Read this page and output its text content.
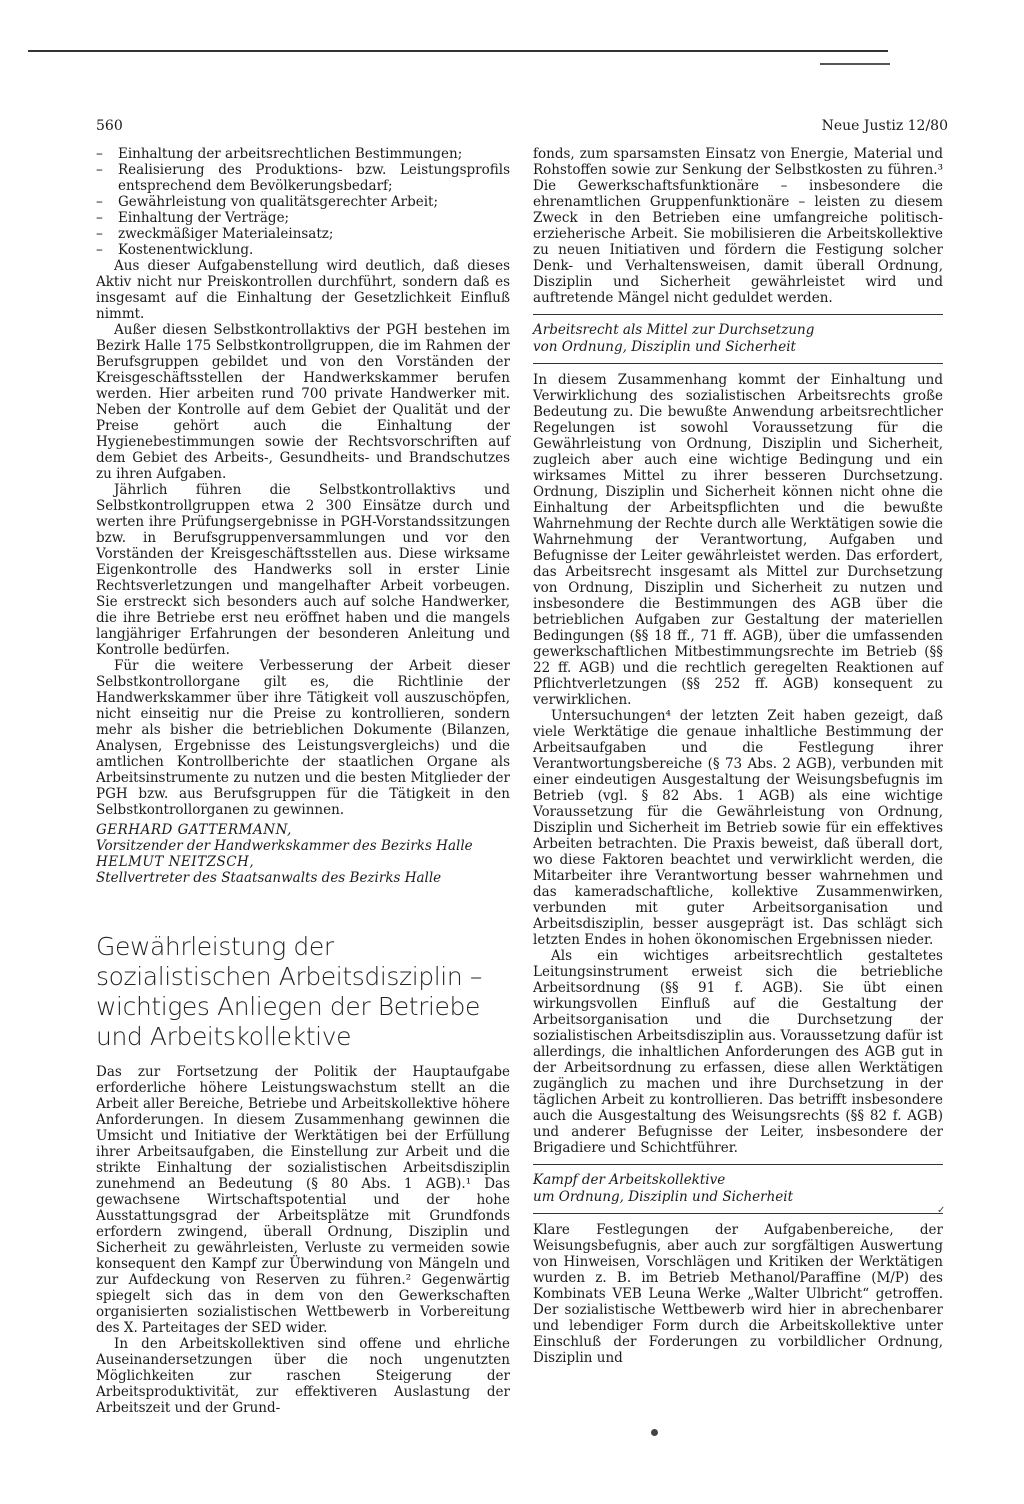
560	Neue Justiz 12/80

– Einhaltung der arbeitsrechtlichen Bestimmungen;

– Realisierung des Produktions- bzw. Leistungsprofils entsprechend dem Bevölkerungsbedarf;

– Gewährleistung von qualitätsgerechter Arbeit;

– Einhaltung der Verträge;

– zweckmäßiger Materialeinsatz;

– Kostenentwicklung.

Aus dieser Aufgabenstellung wird deutlich, daß dieses Aktiv nicht nur Preiskontrollen durchführt, sondern daß es insgesamt auf die Einhaltung der Gesetzlichkeit Einfluß nimmt.

Außer diesen Selbstkontrollaktivs der PGH bestehen im Bezirk Halle 175 Selbstkontrollgruppen, die im Rahmen der Berufsgruppen gebildet und von den Vorständen der Kreisgeschäftsstellen der Handwerkskammer berufen werden. Hier arbeiten rund 700 private Handwerker mit. Neben der Kontrolle auf dem Gebiet der Qualität und der Preise gehört auch die Einhaltung der Hygienebestimmungen sowie der Rechtsvorschriften auf dem Gebiet des Arbeits-, Gesundheits- und Brandschutzes zu ihren Aufgaben.

Jährlich führen die Selbstkontrollaktivs und Selbstkontrollgruppen etwa 2 300 Einsätze durch und werten ihre Prüfungsergebnisse in PGH-Vorstandssitzungen bzw. in Berufsgruppenversammlungen und vor den Vorständen der Kreisgeschäftsstellen aus. Diese wirksame Eigenkontrolle des Handwerks soll in erster Linie Rechtsverletzungen und mangelhafter Arbeit vorbeugen. Sie erstreckt sich besonders auch auf solche Handwerker, die ihre Betriebe erst neu eröffnet haben und die mangels langjähriger Erfahrungen der besonderen Anleitung und Kontrolle bedürfen.

Für die weitere Verbesserung der Arbeit dieser Selbstkontrollorgane gilt es, die Richtlinie der Handwerkskammer über ihre Tätigkeit voll auszuschöpfen, nicht einseitig nur die Preise zu kontrollieren, sondern mehr als bisher die betrieblichen Dokumente (Bilanzen, Analysen, Ergebnisse des Leistungsvergleichs) und die amtlichen Kontrollberichte der staatlichen Organe als Arbeitsinstrumente zu nutzen und die besten Mitglieder der PGH bzw. aus Berufsgruppen für die Tätigkeit in den Selbstkontrollorganen zu gewinnen.

GERHARD GATTERMANN,

Vorsitzender der Handwerkskammer des Bezirks Halle

HELMUT NEITZSCH,

Stellvertreter des Staatsanwalts des Bezirks Halle

Gewährleistung der sozialistischen Arbeitsdisziplin – wichtiges Anliegen der Betriebe und Arbeitskollektive

Das zur Fortsetzung der Politik der Hauptaufgabe erforderliche höhere Leistungswachstum stellt an die Arbeit aller Bereiche, Betriebe und Arbeitskollektive höhere Anforderungen. In diesem Zusammenhang gewinnen die Umsicht und Initiative der Werktätigen bei der Erfüllung ihrer Arbeitsaufgaben, die Einstellung zur Arbeit und die strikte Einhaltung der sozialistischen Arbeitsdisziplin zunehmend an Bedeutung (§ 80 Abs. 1 AGB).¹ Das gewachsene Wirtschaftspotential und der hohe Ausstattungsgrad der Arbeitsplätze mit Grundfonds erfordern zwingend, überall Ordnung, Disziplin und Sicherheit zu gewährleisten, Verluste zu vermeiden sowie konsequent den Kampf zur Überwindung von Mängeln und zur Aufdeckung von Reserven zu führen.² Gegenwärtig spiegelt sich das in dem von den Gewerkschaften organisierten sozialistischen Wettbewerb in Vorbereitung des X. Parteitages der SED wider.

In den Arbeitskollektiven sind offene und ehrliche Auseinandersetzungen über die noch ungenutzten Möglichkeiten zur raschen Steigerung der Arbeitsproduktivität, zur effektiveren Auslastung der Arbeitszeit und der Grund-

fonds, zum sparsamsten Einsatz von Energie, Material und Rohstoffen sowie zur Senkung der Selbstkosten zu führen.³ Die Gewerkschaftsfunktionäre – insbesondere die ehrenamtlichen Gruppenfunktionäre – leisten zu diesem Zweck in den Betrieben eine umfangreiche politisch-erzieherische Arbeit. Sie mobilisieren die Arbeitskollektive zu neuen Initiativen und fördern die Festigung solcher Denk- und Verhaltensweisen, damit überall Ordnung, Disziplin und Sicherheit gewährleistet wird und auftretende Mängel nicht geduldet werden.

Arbeitsrecht als Mittel zur Durchsetzung

von Ordnung, Disziplin und Sicherheit

In diesem Zusammenhang kommt der Einhaltung und Verwirklichung des sozialistischen Arbeitsrechts große Bedeutung zu. Die bewußte Anwendung arbeitsrechtlicher Regelungen ist sowohl Voraussetzung für die Gewährleistung von Ordnung, Disziplin und Sicherheit, zugleich aber auch eine wichtige Bedingung und ein wirksames Mittel zu ihrer besseren Durchsetzung. Ordnung, Disziplin und Sicherheit können nicht ohne die Einhaltung der Arbeitspflichten und die bewußte Wahrnehmung der Rechte durch alle Werktätigen sowie die Wahrnehmung der Verantwortung, Aufgaben und Befugnisse der Leiter gewährleistet werden. Das erfordert, das Arbeitsrecht insgesamt als Mittel zur Durchsetzung von Ordnung, Disziplin und Sicherheit zu nutzen und insbesondere die Bestimmungen des AGB über die betrieblichen Aufgaben zur Gestaltung der materiellen Bedingungen (§§ 18 ff., 71 ff. AGB), über die umfassenden gewerkschaftlichen Mitbestimmungsrechte im Betrieb (§§ 22 ff. AGB) und die rechtlich geregelten Reaktionen auf Pflichtverletzungen (§§ 252 ff. AGB) konsequent zu verwirklichen.

Untersuchungen⁴ der letzten Zeit haben gezeigt, daß viele Werktätige die genaue inhaltliche Bestimmung der Arbeitsaufgaben und die Festlegung ihrer Verantwortungsbereiche (§ 73 Abs. 2 AGB), verbunden mit einer eindeutigen Ausgestaltung der Weisungsbefugnis im Betrieb (vgl. § 82 Abs. 1 AGB) als eine wichtige Voraussetzung für die Gewährleistung von Ordnung, Disziplin und Sicherheit im Betrieb sowie für ein effektives Arbeiten betrachten. Die Praxis beweist, daß überall dort, wo diese Faktoren beachtet und verwirklicht werden, die Mitarbeiter ihre Verantwortung besser wahrnehmen und das kameradschaftliche, kollektive Zusammenwirken, verbunden mit guter Arbeitsorganisation und Arbeitsdisziplin, besser ausgeprägt ist. Das schlägt sich letzten Endes in hohen ökonomischen Ergebnissen nieder.

Als ein wichtiges arbeitsrechtlich gestaltetes Leitungsinstrument erweist sich die betriebliche Arbeitsordnung (§§ 91 f. AGB). Sie übt einen wirkungsvollen Einfluß auf die Gestaltung der Arbeitsorganisation und die Durchsetzung der sozialistischen Arbeitsdisziplin aus. Voraussetzung dafür ist allerdings, die inhaltlichen Anforderungen des AGB gut in der Arbeitsordnung zu erfassen, diese allen Werktätigen zugänglich zu machen und ihre Durchsetzung in der täglichen Arbeit zu kontrollieren. Das betrifft insbesondere auch die Ausgestaltung des Weisungsrechts (§§ 82 f. AGB) und anderer Befugnisse der Leiter, insbesondere der Brigadiere und Schichtführer.

Kampf der Arbeitskollektive

um Ordnung, Disziplin und Sicherheit

Klare Festlegungen der Aufgabenbereiche, der Weisungsbefugnis, aber auch zur sorgfältigen Auswertung von Hinweisen, Vorschlägen und Kritiken der Werktätigen wurden z. B. im Betrieb Methanol/Paraffine (M/P) des Kombinats VEB Leuna Werke „Walter Ulbricht“ getroffen. Der sozialistische Wettbewerb wird hier in abrechenbarer und lebendiger Form durch die Arbeitskollektive unter Einschluß der Forderungen zu vorbildlicher Ordnung, Disziplin und

✓
